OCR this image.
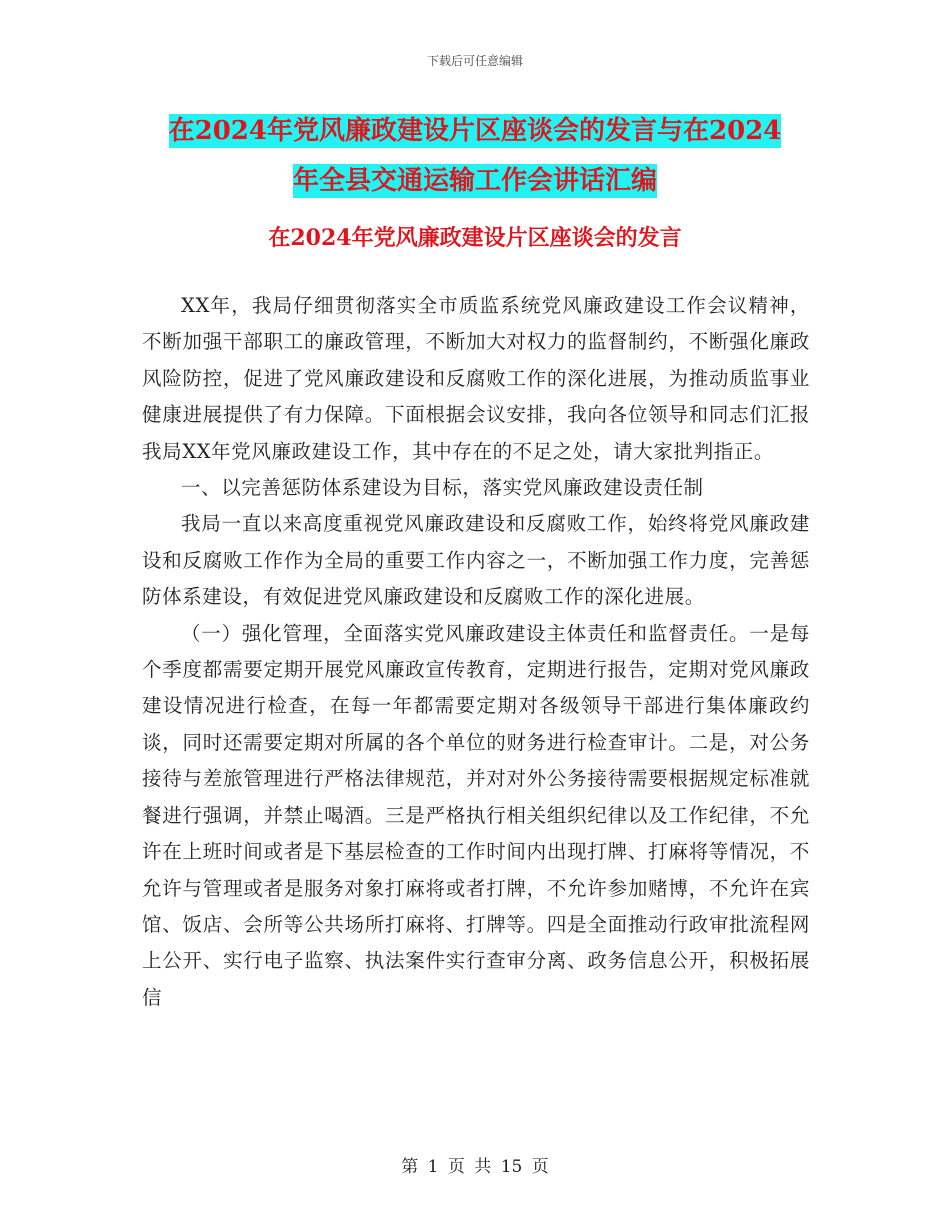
下载后可任意编辑
在2024年党风廉政建设片区座谈会的发言与在2024
年全县交通运输工作会讲话汇编
在2024年党风廉政建设片区座谈会的发言

XX年，我局仔细贯彻落实全市质监系统党风廉政建设工作会议精神，不断加强干部职工的廉政管理，不断加大对权力的监督制约，不断强化廉政风险防控，促进了党风廉政建设和反腐败工作的深化进展，为推动质监事业健康进展提供了有力保障。下面根据会议安排，我向各位领导和同志们汇报我局XX年党风廉政建设工作，其中存在的不足之处，请大家批判指正。

一、以完善惩防体系建设为目标，落实党风廉政建设责任制

我局一直以来高度重视党风廉政建设和反腐败工作，始终将党风廉政建设和反腐败工作作为全局的重要工作内容之一，不断加强工作力度，完善惩防体系建设，有效促进党风廉政建设和反腐败工作的深化进展。

（一）强化管理，全面落实党风廉政建设主体责任和监督责任。一是每个季度都需要定期开展党风廉政宣传教育，定期进行报告，定期对党风廉政建设情况进行检查，在每一年都需要定期对各级领导干部进行集体廉政约谈，同时还需要定期对所属的各个单位的财务进行检查审计。二是，对公务接待与差旅管理进行严格法律规范，并对对外公务接待需要根据规定标准就餐进行强调，并禁止喝酒。三是严格执行相关组织纪律以及工作纪律，不允许在上班时间或者是下基层检查的工作时间内出现打牌、打麻将等情况，不允许与管理或者是服务对象打麻将或者打牌，不允许参加赌博，不允许在宾馆、饭店、会所等公共场所打麻将、打牌等。四是全面推动行政审批流程网上公开、实行电子监察、执法案件实行查审分离、政务信息公开，积极拓展信

第 1 页 共 15 页
